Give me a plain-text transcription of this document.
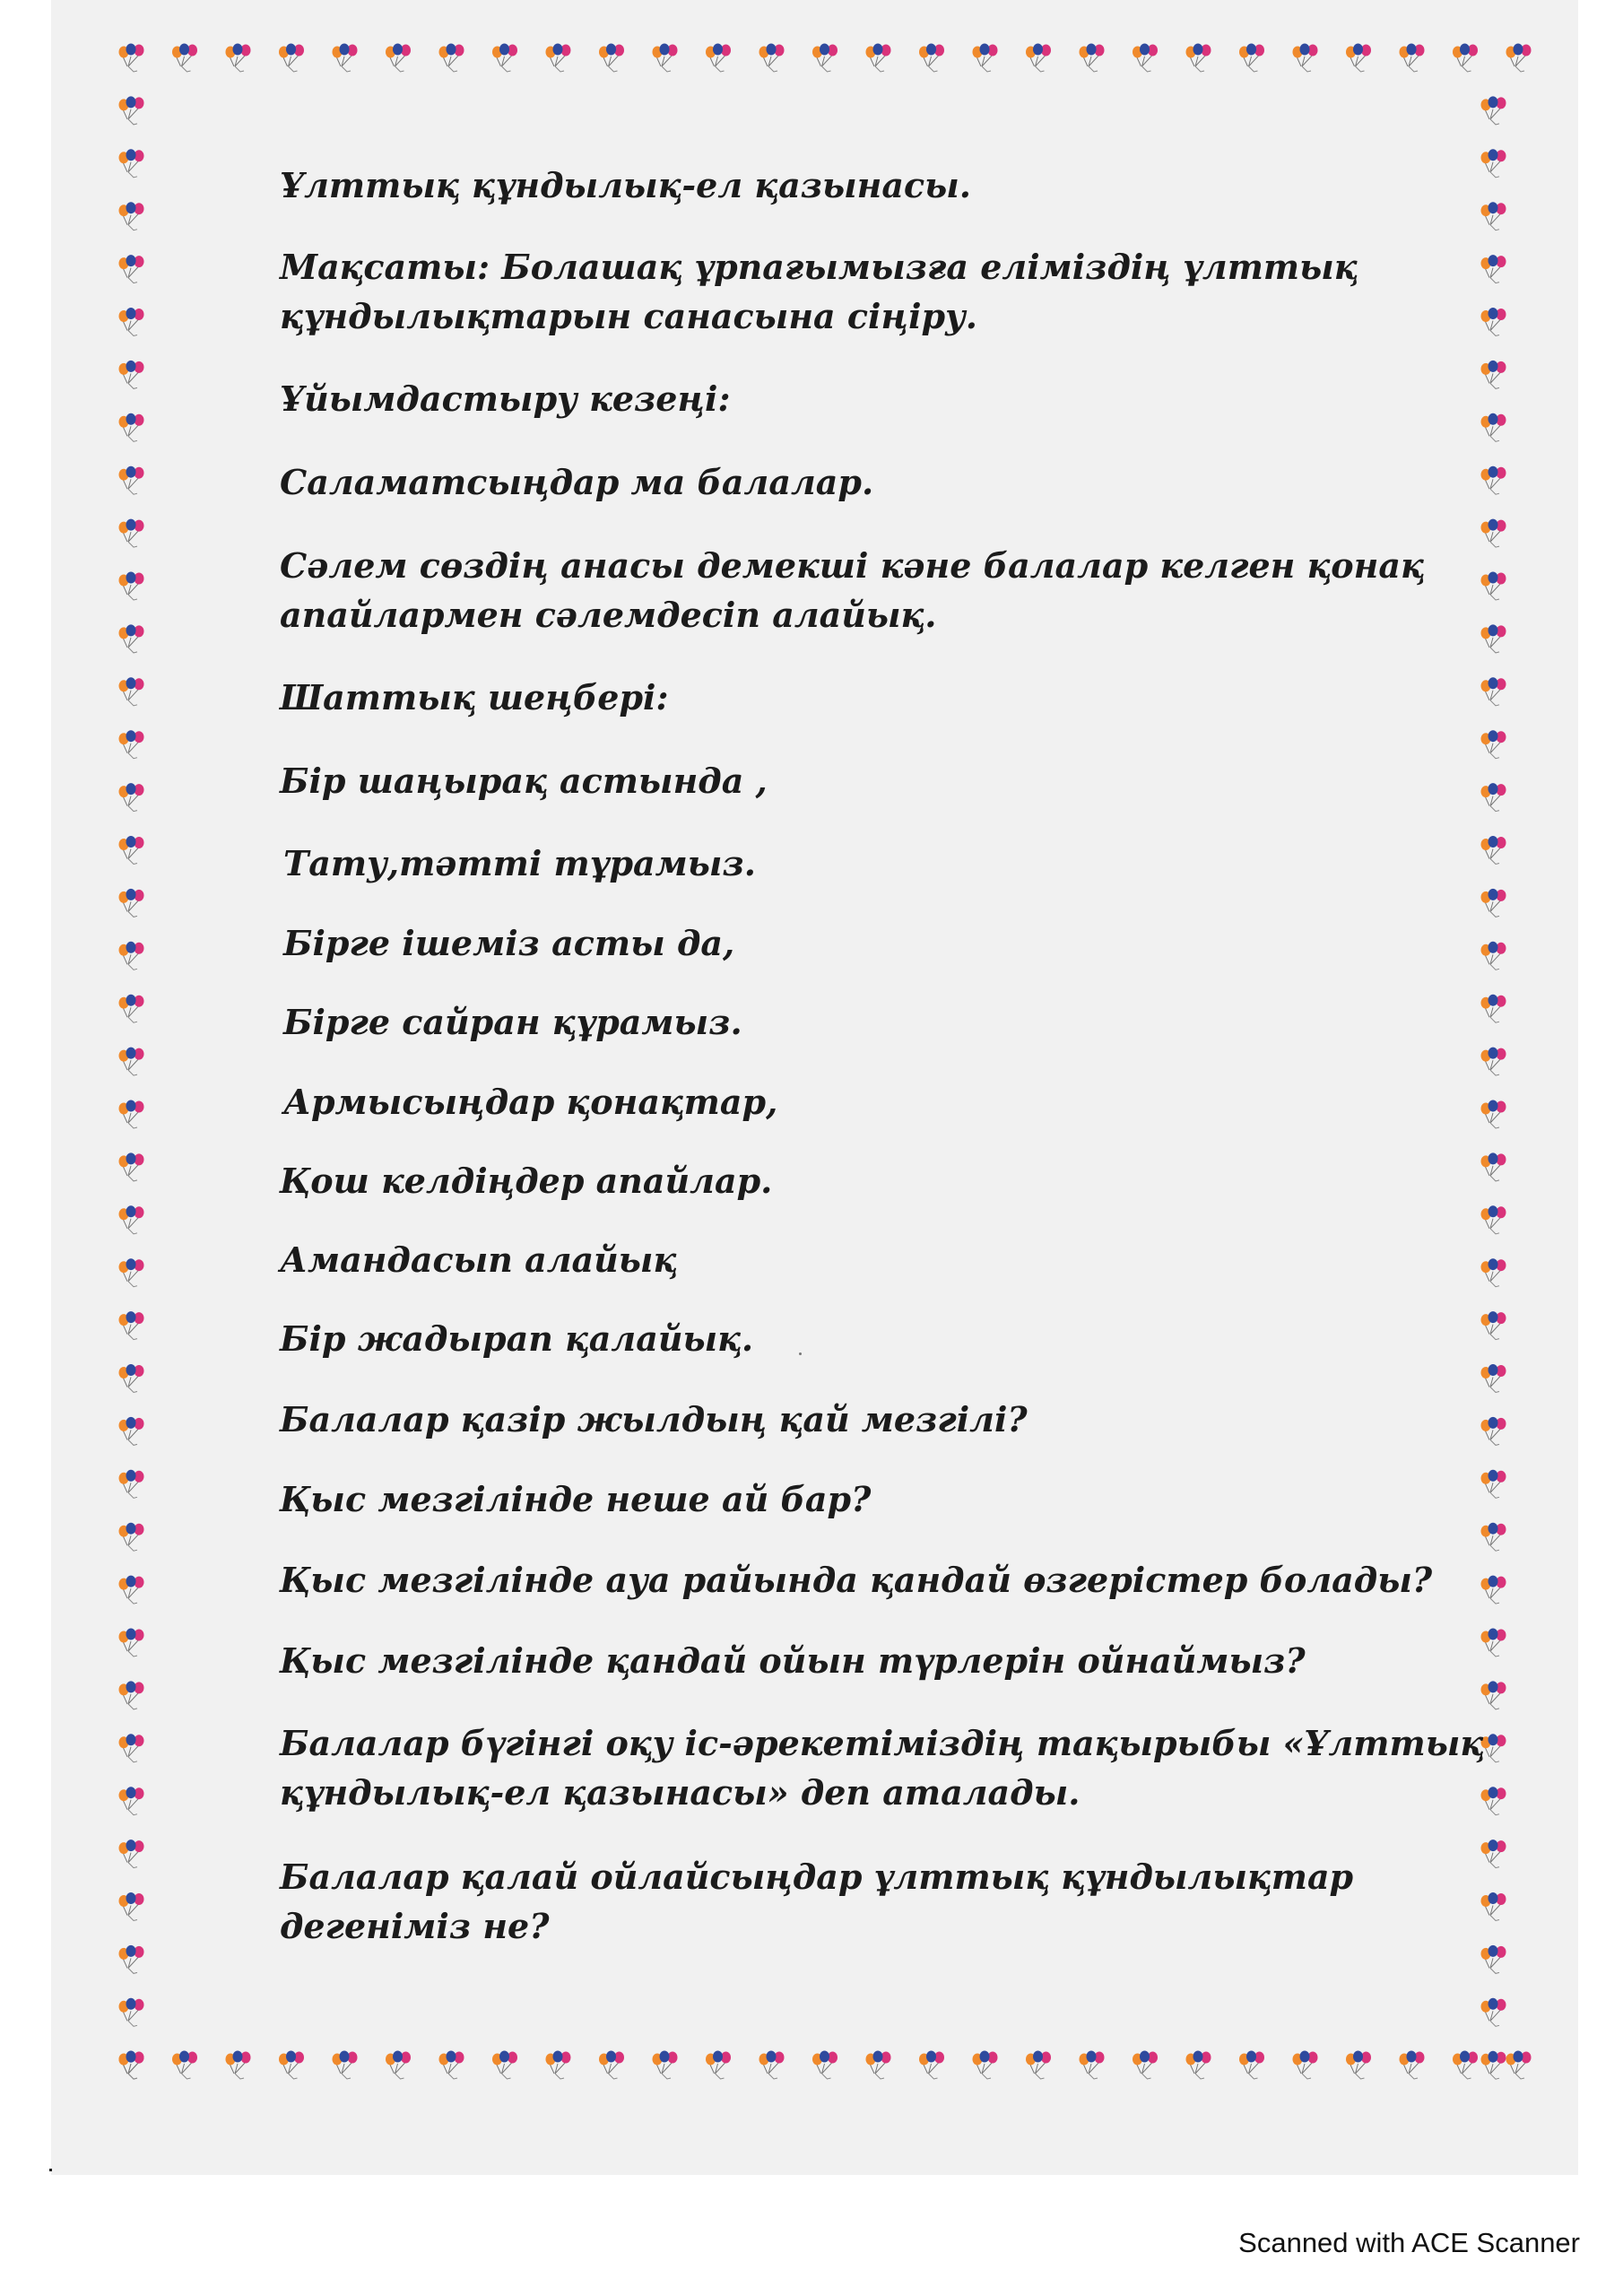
Ұлттық құндылық-ел қазынасы.
Мақсаты: Болашақ ұрпағымызға еліміздің ұлттық
құндылықтарын санасына сіңіру.
Ұйымдастыру кезеңі:
Саламатсыңдар ма балалар.
Сәлем сөздің анасы демекші кәне балалар келген қонақ
апайлармен сәлемдесіп алайық.
Шаттық шеңбері:
Бір шаңырақ астында ,
Тату,тәтті тұрамыз.
Бірге ішеміз асты да,
Бірге сайран құрамыз.
Армысыңдар қонақтар,
Қош келдіңдер апайлар.
Амандасып алайық
Бір жадырап қалайық.
Балалар қазір жылдың қай мезгілі?
Қыс мезгілінде неше ай бар?
Қыс мезгілінде ауа райында қандай өзгерістер болады?
Қыс мезгілінде қандай ойын түрлерін ойнаймыз?
Балалар бүгінгі оқу іс-әрекетіміздің тақырыбы «Ұлттық
құндылық-ел қазынасы» деп аталады.
Балалар қалай ойлайсыңдар ұлттық құндылықтар
дегеніміз не?
Scanned with ACE Scanner
